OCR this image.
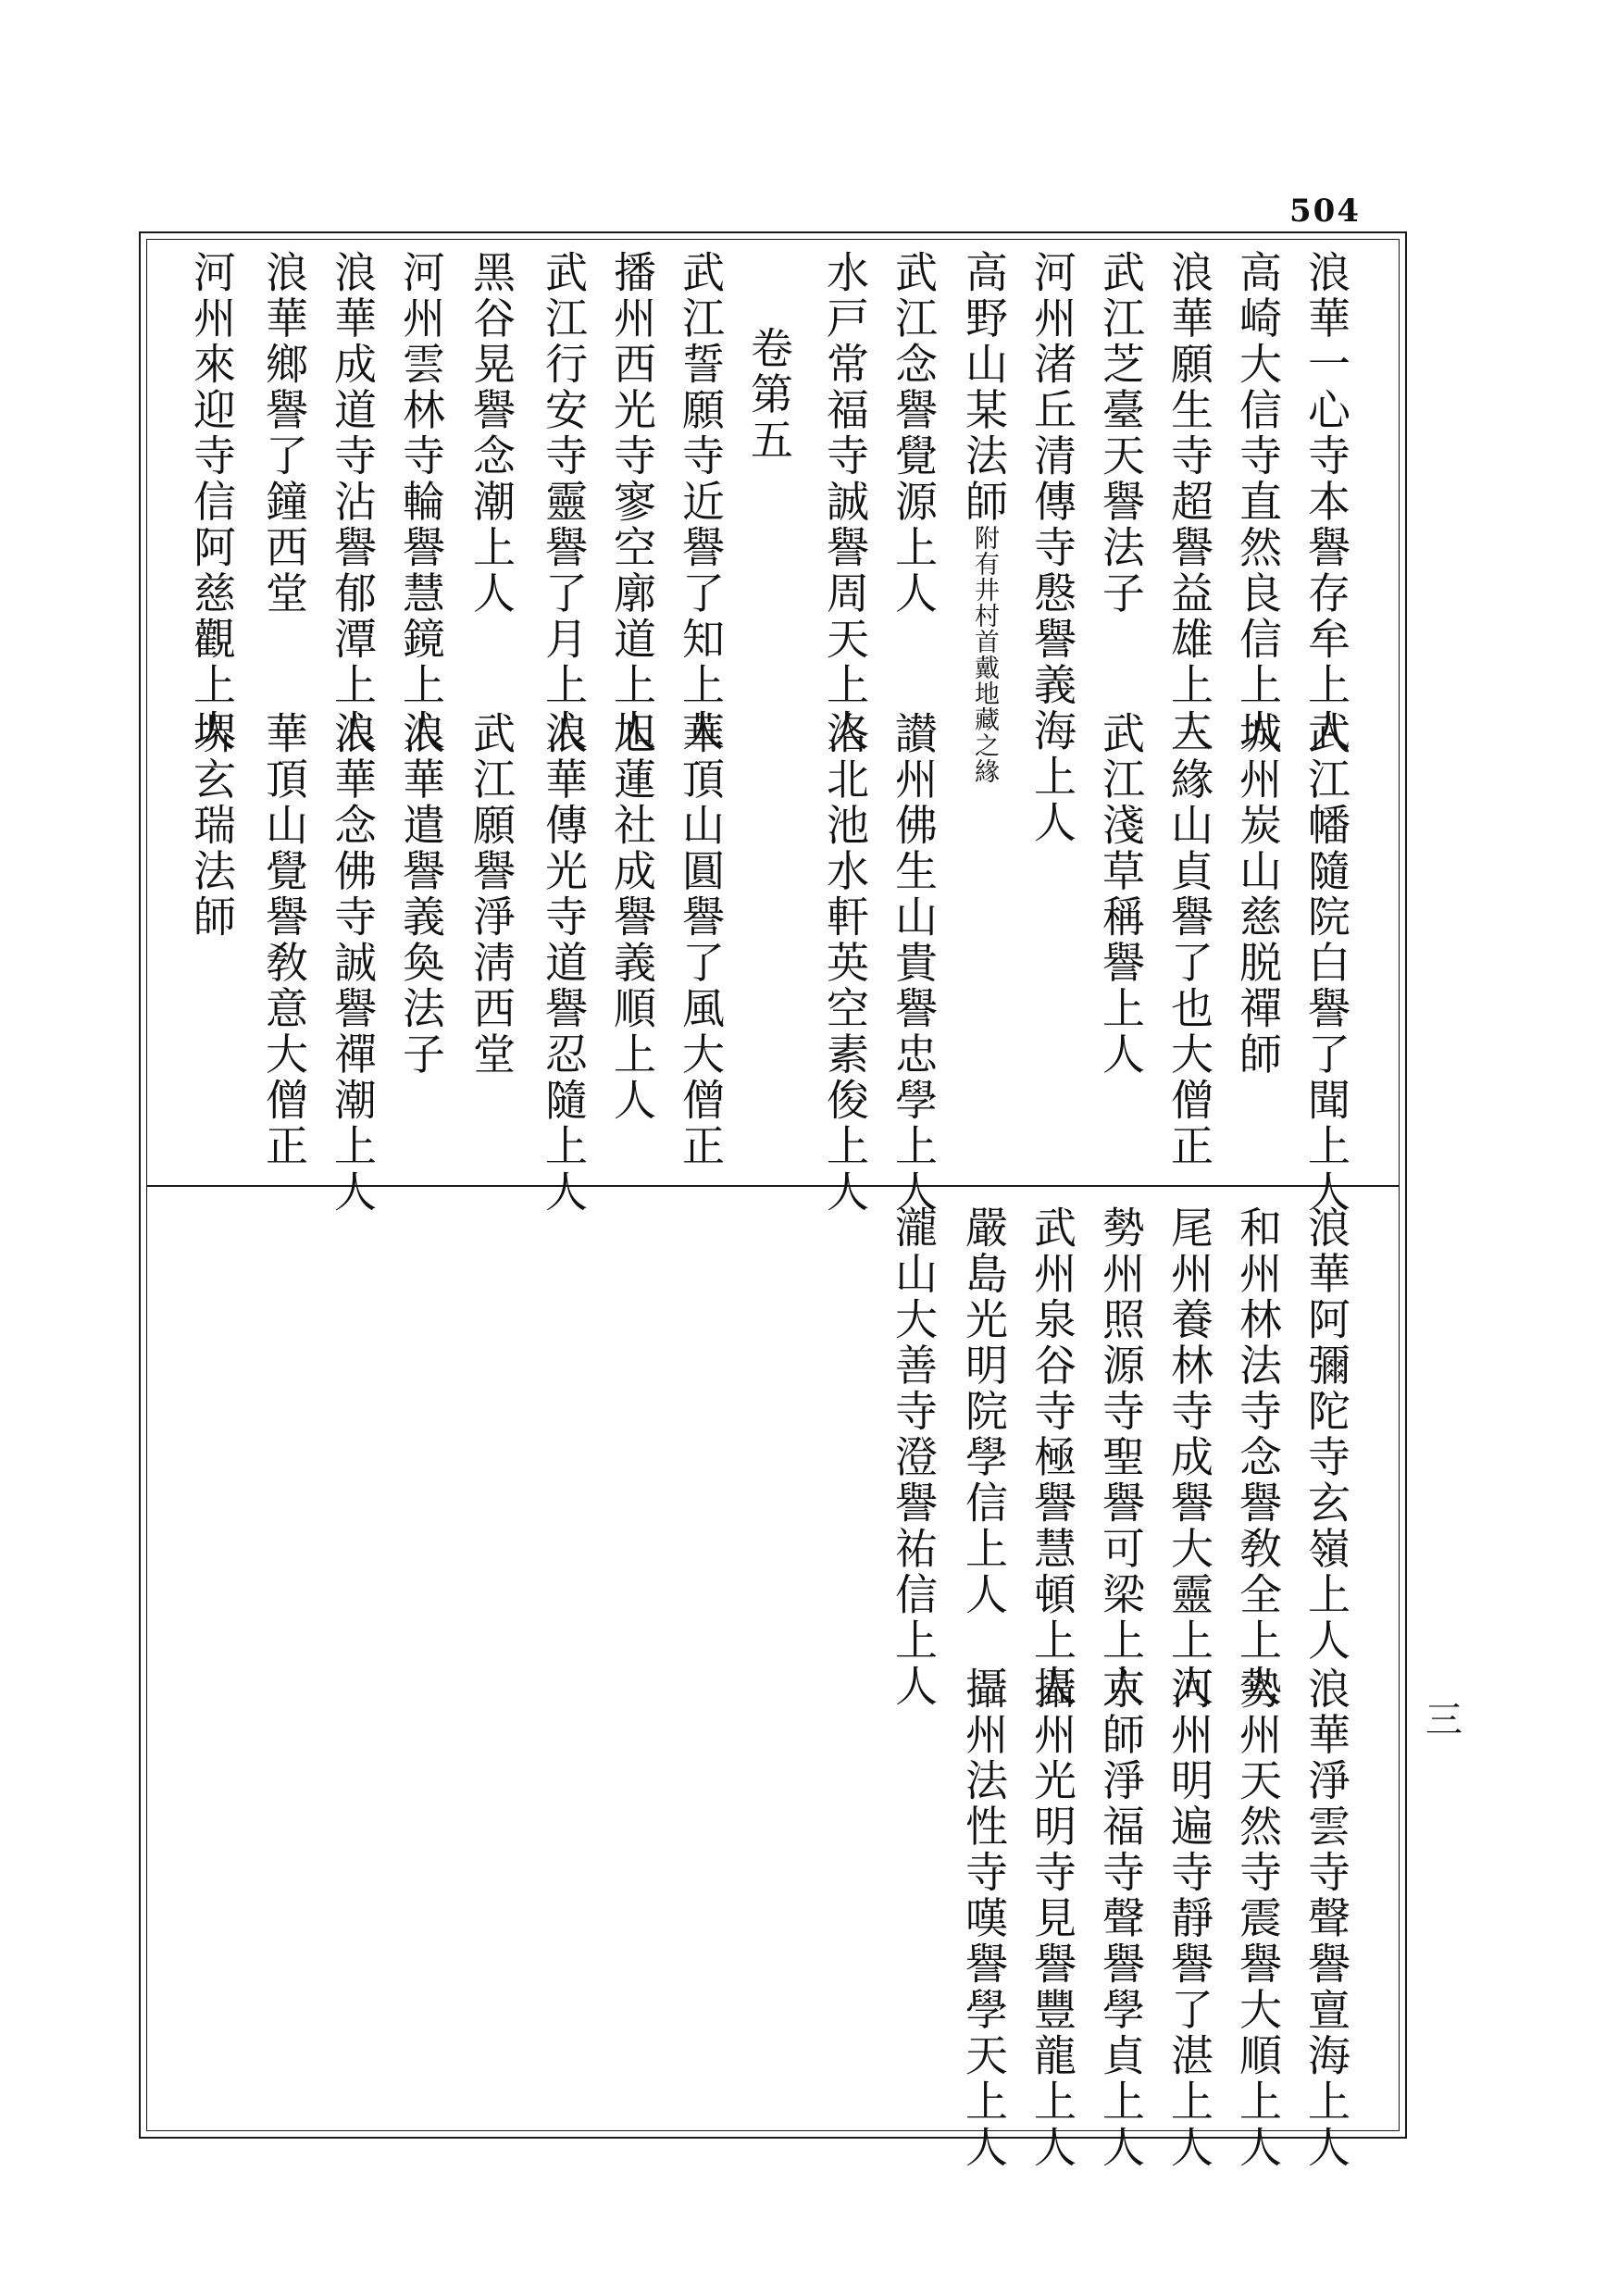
504
三
浪華一心寺本譽存牟上人
武江幡隨院白譽了聞上人
高崎大信寺直然良信上人
城州炭山慈脱禪師
浪華願生寺超譽益雄上人
三緣山貞譽了也大僧正
武江芝臺天譽法子
河州渚丘清傳寺慇譽義海上人
武江淺草稱譽上人
高野山某法師附有井村首戴地藏之緣
武江念譽覺源上人
讃州佛生山貴譽忠學上人
水戸常福寺誠譽周天上人
洛北池水軒英空素俊上人
卷第五
武江誓願寺近譽了知上人
華頂山圓譽了風大僧正
播州西光寺寥空廓道上人
旭蓮社成譽義順上人
武江行安寺靈譽了月上人
浪華傳光寺道譽忍隨上人
黑谷晃譽念潮上人
武江願譽淨淸西堂
河州雲林寺輪譽慧鏡上人
浪華遣譽義奐法子
浪華成道寺沾譽郁潭上人
浪華念佛寺誠譽禪潮上人
浪華鄉譽了鐘西堂
華頂山覺譽敎意大僧正
河州來迎寺信阿慈觀上人
堺玄瑞法師
浪華阿彌陀寺玄嶺上人
浪華淨雲寺聲譽亶海上人
和州林法寺念譽敎全上人
勢州天然寺震譽大順上人
尾州養林寺成譽大靈上人
河州明遍寺靜譽了湛上人
勢州照源寺聖譽可梁上人
京師淨福寺聲譽學貞上人
武州泉谷寺極譽慧頓上人
攝州光明寺見譽豐龍上人
嚴島光明院學信上人
攝州法性寺嘆譽學天上人
瀧山大善寺澄譽祐信上人
